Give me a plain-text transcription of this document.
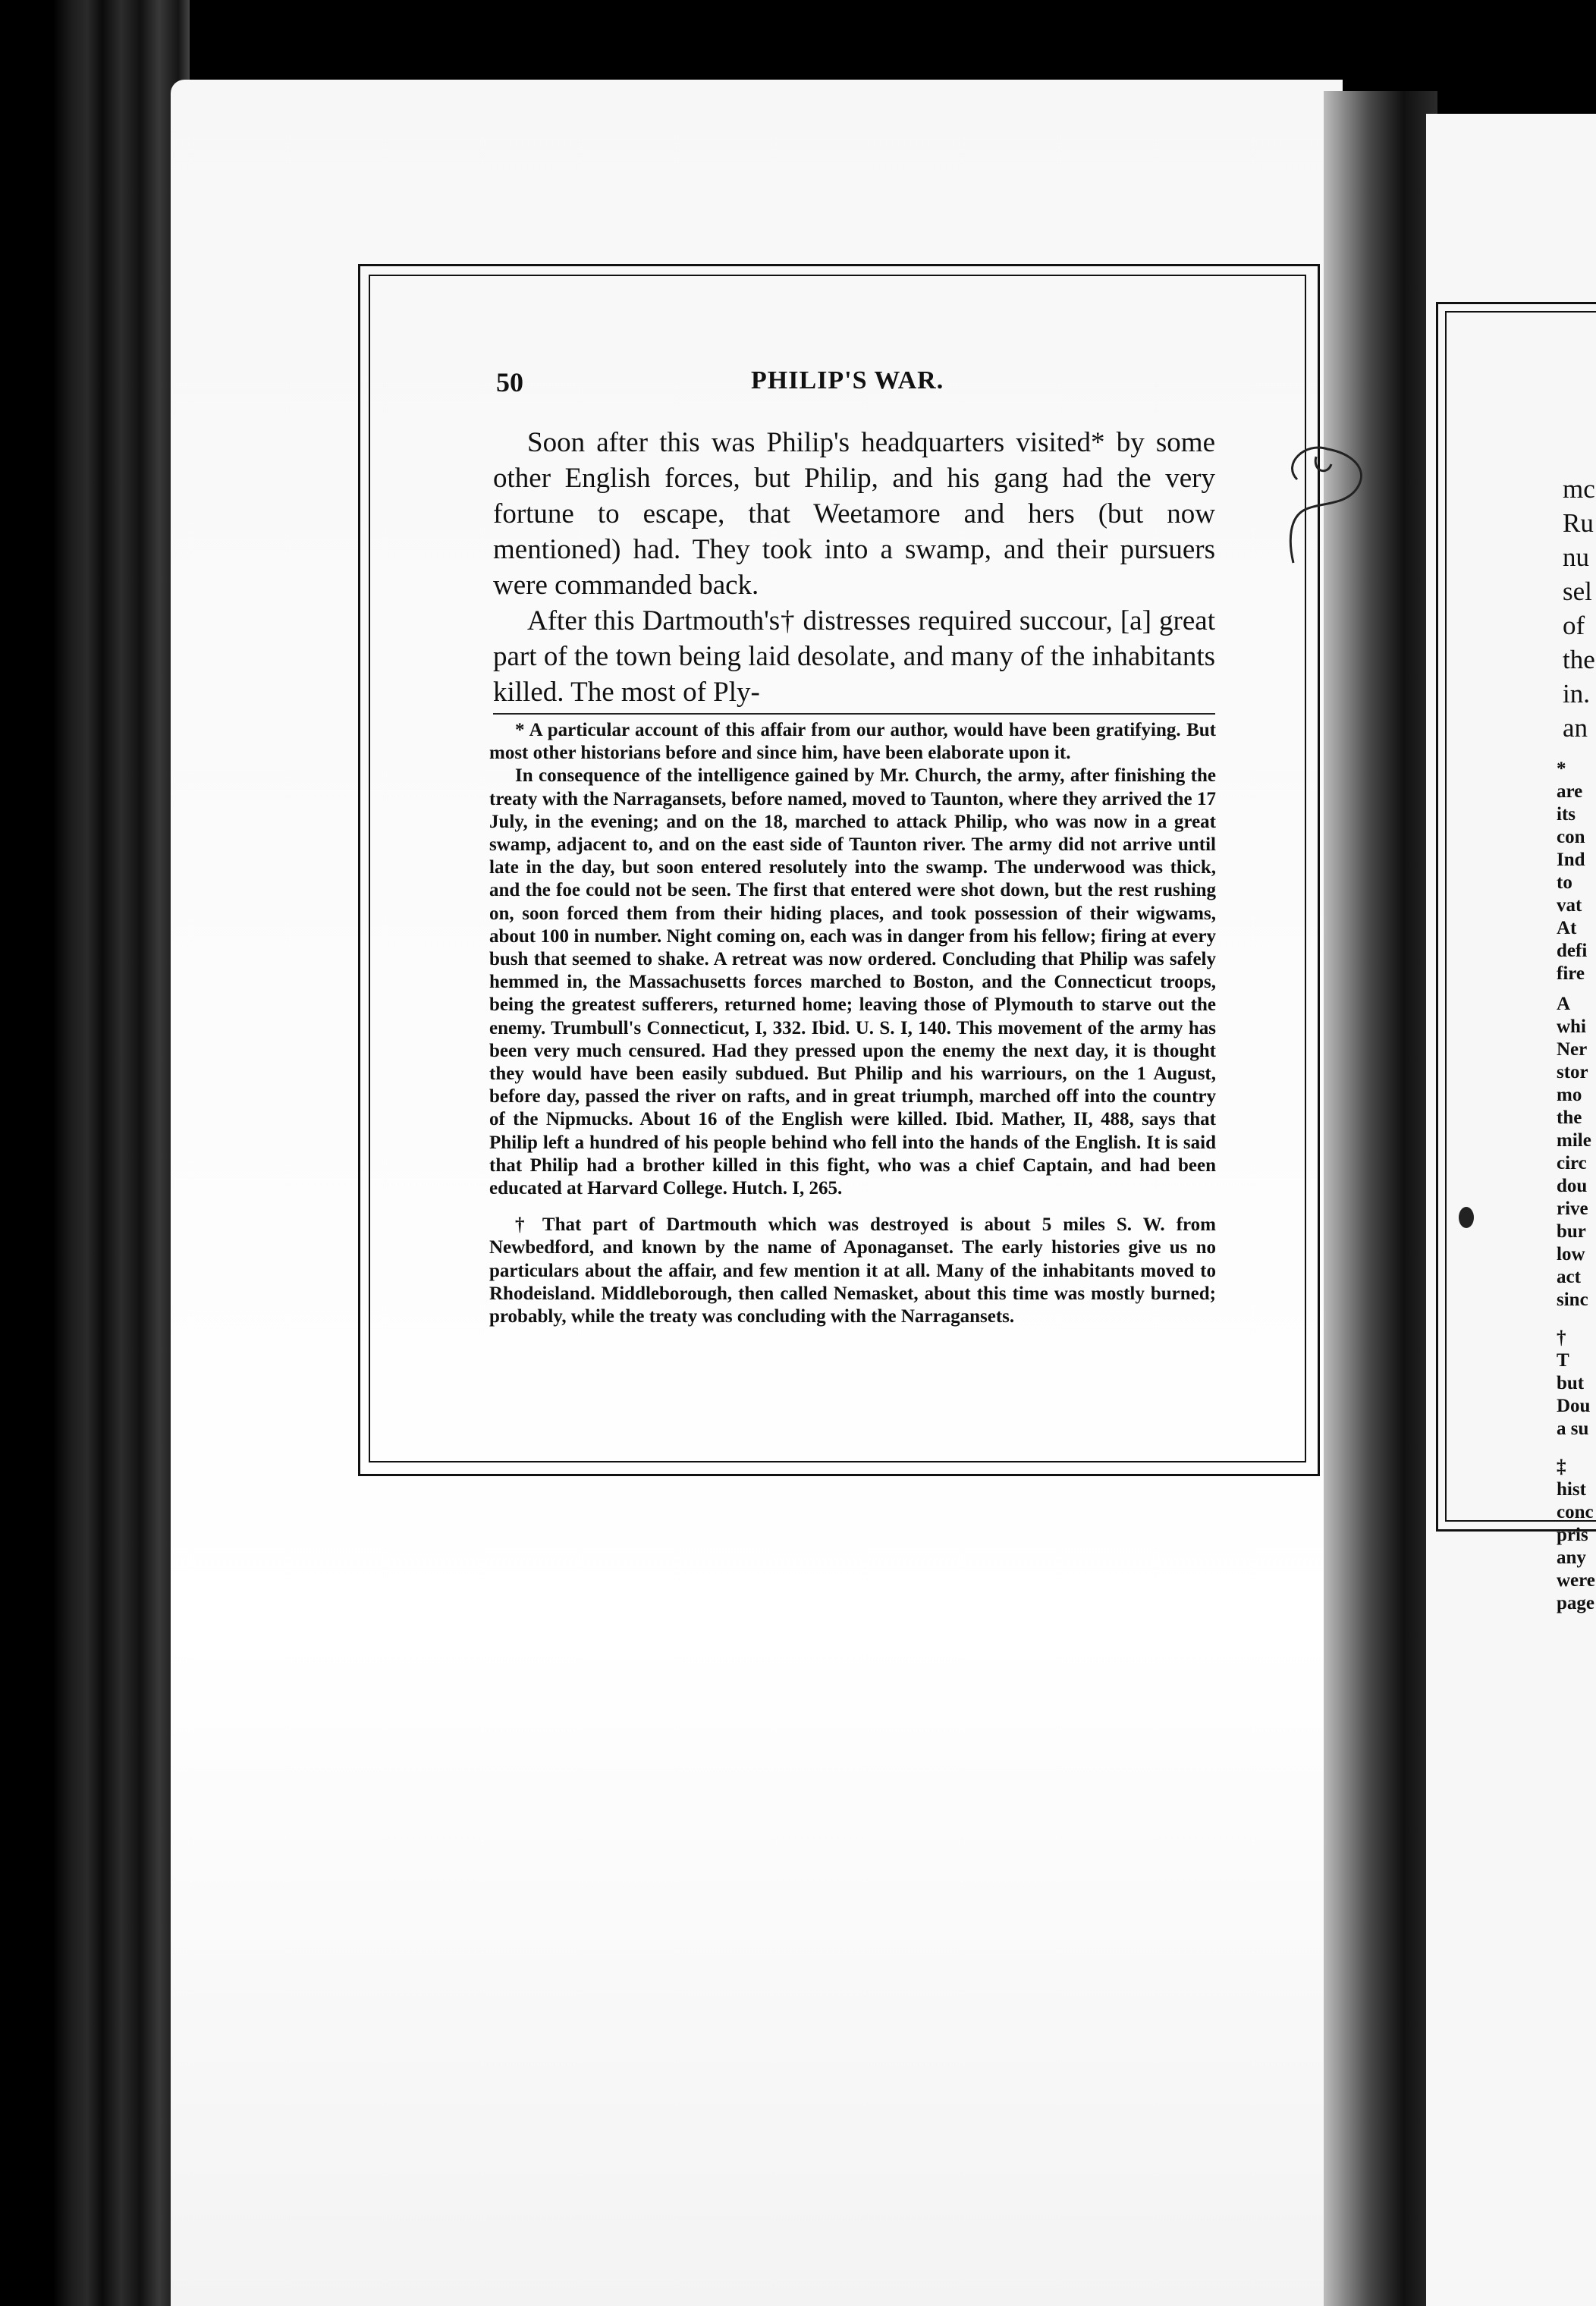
50	PHILIP'S WAR.

Soon after this was Philip's headquarters visited* by some other English forces, but Philip, and his gang had the very fortune to escape, that Weetamore and hers (but now mentioned) had. They took into a swamp, and their pursuers were commanded back.

After this Dartmouth's† distresses required succour, [a] great part of the town being laid desolate, and many of the inhabitants killed. The most of Ply-

* A particular account of this affair from our author, would have been gratifying. But most other historians before and since him, have been elaborate upon it.

In consequence of the intelligence gained by Mr. Church, the army, after finishing the treaty with the Narragansets, before named, moved to Taunton, where they arrived the 17 July, in the evening; and on the 18, marched to attack Philip, who was now in a great swamp, adjacent to, and on the east side of Taunton river. The army did not arrive until late in the day, but soon entered resolutely into the swamp. The underwood was thick, and the foe could not be seen. The first that entered were shot down, but the rest rushing on, soon forced them from their hiding places, and took possession of their wigwams, about 100 in number. Night coming on, each was in danger from his fellow; firing at every bush that seemed to shake. A retreat was now ordered. Concluding that Philip was safely hemmed in, the Massachusetts forces marched to Boston, and the Connecticut troops, being the greatest sufferers, returned home; leaving those of Plymouth to starve out the enemy. Trumbull's Connecticut, I, 332. Ibid. U. S. I, 140. This movement of the army has been very much censured. Had they pressed upon the enemy the next day, it is thought they would have been easily subdued. But Philip and his warriours, on the 1 August, before day, passed the river on rafts, and in great triumph, marched off into the country of the Nipmucks. About 16 of the English were killed. Ibid. Mather, II, 488, says that Philip left a hundred of his people behind who fell into the hands of the English. It is said that Philip had a brother killed in this fight, who was a chief Captain, and had been educated at Harvard College. Hutch. I, 265.

† That part of Dartmouth which was destroyed is about 5 miles S. W. from Newbedford, and known by the name of Aponaganset. The early histories give us no particulars about the affair, and few mention it at all. Many of the inhabitants moved to Rhodeisland. Middleborough, then called Nemasket, about this time was mostly burned; probably, while the treaty was concluding with the Narragansets.

mc
Ru
nu
sel
of
the
in.
an
*
are
its
con
Ind
to
vat
At
defi
fire
A
whi
Ner
stor
mo
the
mile
circ
dou
rive
bur
low
act
sinc
†
T
but
Dou
a su
‡
hist
conc
pris
any
were
page
